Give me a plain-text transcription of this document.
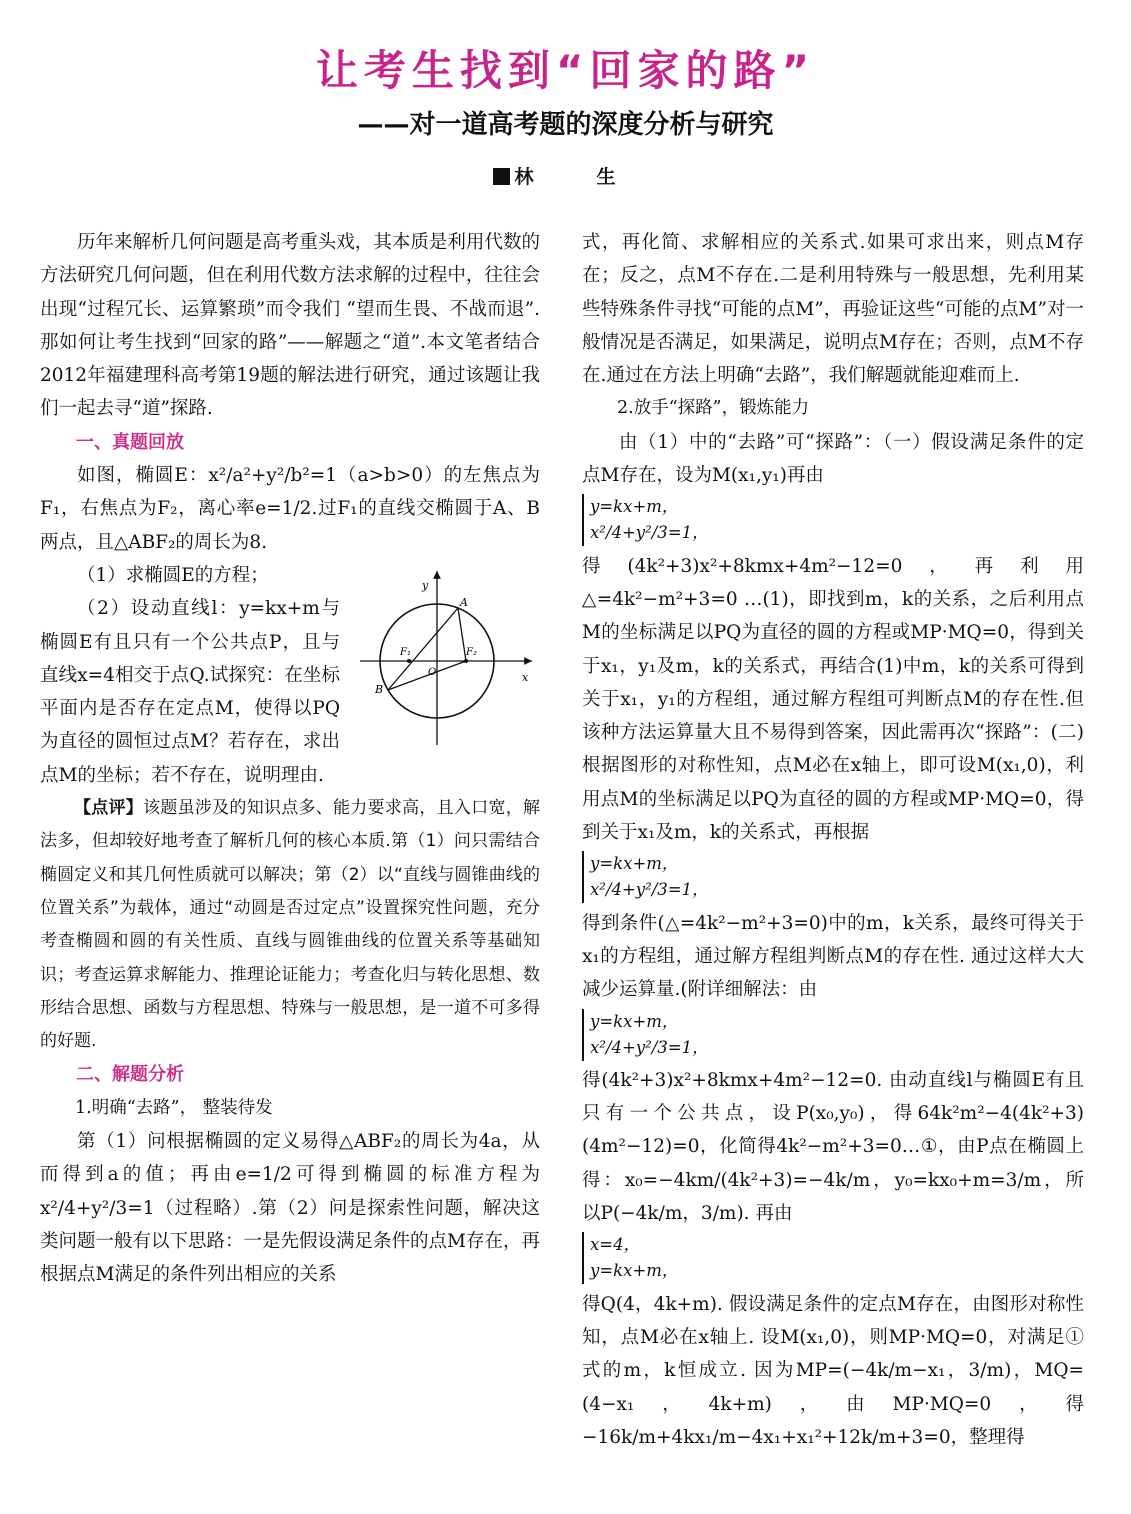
让考生找到“回家的路”
——对一道高考题的深度分析与研究
林　生

历年来解析几何问题是高考重头戏，其本质是利用代数的方法研究几何问题，但在利用代数方法求解的过程中，往往会出现“过程冗长、运算繁琐”而令我们 “望而生畏、不战而退”.那如何让考生找到“回家的路”——解题之“道”.本文笔者结合2012年福建理科高考第19题的解法进行研究，通过该题让我们一起去寻“道”探路.

一、真题回放

如图，椭圆E：x²/a²+y²/b²=1（a>b>0）的左焦点为F₁，右焦点为F₂，离心率e=1/2.过F₁的直线交椭圆于A、B两点，且△ABF₂的周长为8.

y
x
A
B
F₁	F₂
O

（1）求椭圆E的方程；

（2）设动直线l：y=kx+m与椭圆E有且只有一个公共点P，且与直线x=4相交于点Q.试探究：在坐标平面内是否存在定点M，使得以PQ为直径的圆恒过点M？若存在，求出点M的坐标；若不存在，说明理由.

【点评】该题虽涉及的知识点多、能力要求高，且入口宽，解法多，但却较好地考查了解析几何的核心本质.第（1）问只需结合椭圆定义和其几何性质就可以解决；第（2）以“直线与圆锥曲线的位置关系”为载体，通过“动圆是否过定点”设置探究性问题，充分考查椭圆和圆的有关性质、直线与圆锥曲线的位置关系等基础知识；考查运算求解能力、推理论证能力；考查化归与转化思想、数形结合思想、函数与方程思想、特殊与一般思想，是一道不可多得的好题.

二、解题分析

1.明确“去路”， 整装待发

第（1）问根据椭圆的定义易得△ABF₂的周长为4a，从而得到a的值；再由e=1/2可得到椭圆的标准方程为x²/4+y²/3=1（过程略）.第（2）问是探索性问题，解决这类问题一般有以下思路：一是先假设满足条件的点M存在，再根据点M满足的条件列出相应的关系

式，再化简、求解相应的关系式.如果可求出来，则点M存在；反之，点M不存在.二是利用特殊与一般思想，先利用某些特殊条件寻找“可能的点M”，再验证这些“可能的点M”对一般情况是否满足，如果满足，说明点M存在；否则，点M不存在.通过在方法上明确“去路”，我们解题就能迎难而上.

2.放手“探路”，锻炼能力

由（1）中的“去路”可“探路”：（一）假设满足条件的定点M存在，设为M(x₁,y₁)再由

y=kx+m，
x²/4+y²/3=1，

得(4k²+3)x²+8kmx+4m²−12=0，再利用△=4k²−m²+3=0 …(1)，即找到m，k的关系，之后利用点M的坐标满足以PQ为直径的圆的方程或MP·MQ=0，得到关于x₁，y₁及m，k的关系式，再结合(1)中m，k的关系可得到关于x₁，y₁的方程组，通过解方程组可判断点M的存在性.但该种方法运算量大且不易得到答案，因此需再次“探路”：(二)根据图形的对称性知，点M必在x轴上，即可设M(x₁,0)，利用点M的坐标满足以PQ为直径的圆的方程或MP·MQ=0，得到关于x₁及m，k的关系式，再根据

y=kx+m，
x²/4+y²/3=1，

得到条件(△=4k²−m²+3=0)中的m，k关系，最终可得关于x₁的方程组，通过解方程组判断点M的存在性. 通过这样大大减少运算量.(附详细解法：由

y=kx+m，
x²/4+y²/3=1，

得(4k²+3)x²+8kmx+4m²−12=0. 由动直线l与椭圆E有且只有一个公共点，设P(x₀,y₀)，得64k²m²−4(4k²+3)(4m²−12)=0，化简得4k²−m²+3=0…①，由P点在椭圆上得：x₀=−4km/(4k²+3)=−4k/m，y₀=kx₀+m=3/m，所以P(−4k/m，3/m). 再由

x=4，
y=kx+m，

得Q(4，4k+m). 假设满足条件的定点M存在，由图形对称性知，点M必在x轴上. 设M(x₁,0)，则MP·MQ=0，对满足①式的m，k恒成立. 因为MP=(−4k/m−x₁，3/m)，MQ=(4−x₁，4k+m)，由MP·MQ=0，得−16k/m+4kx₁/m−4x₁+x₁²+12k/m+3=0，整理得
